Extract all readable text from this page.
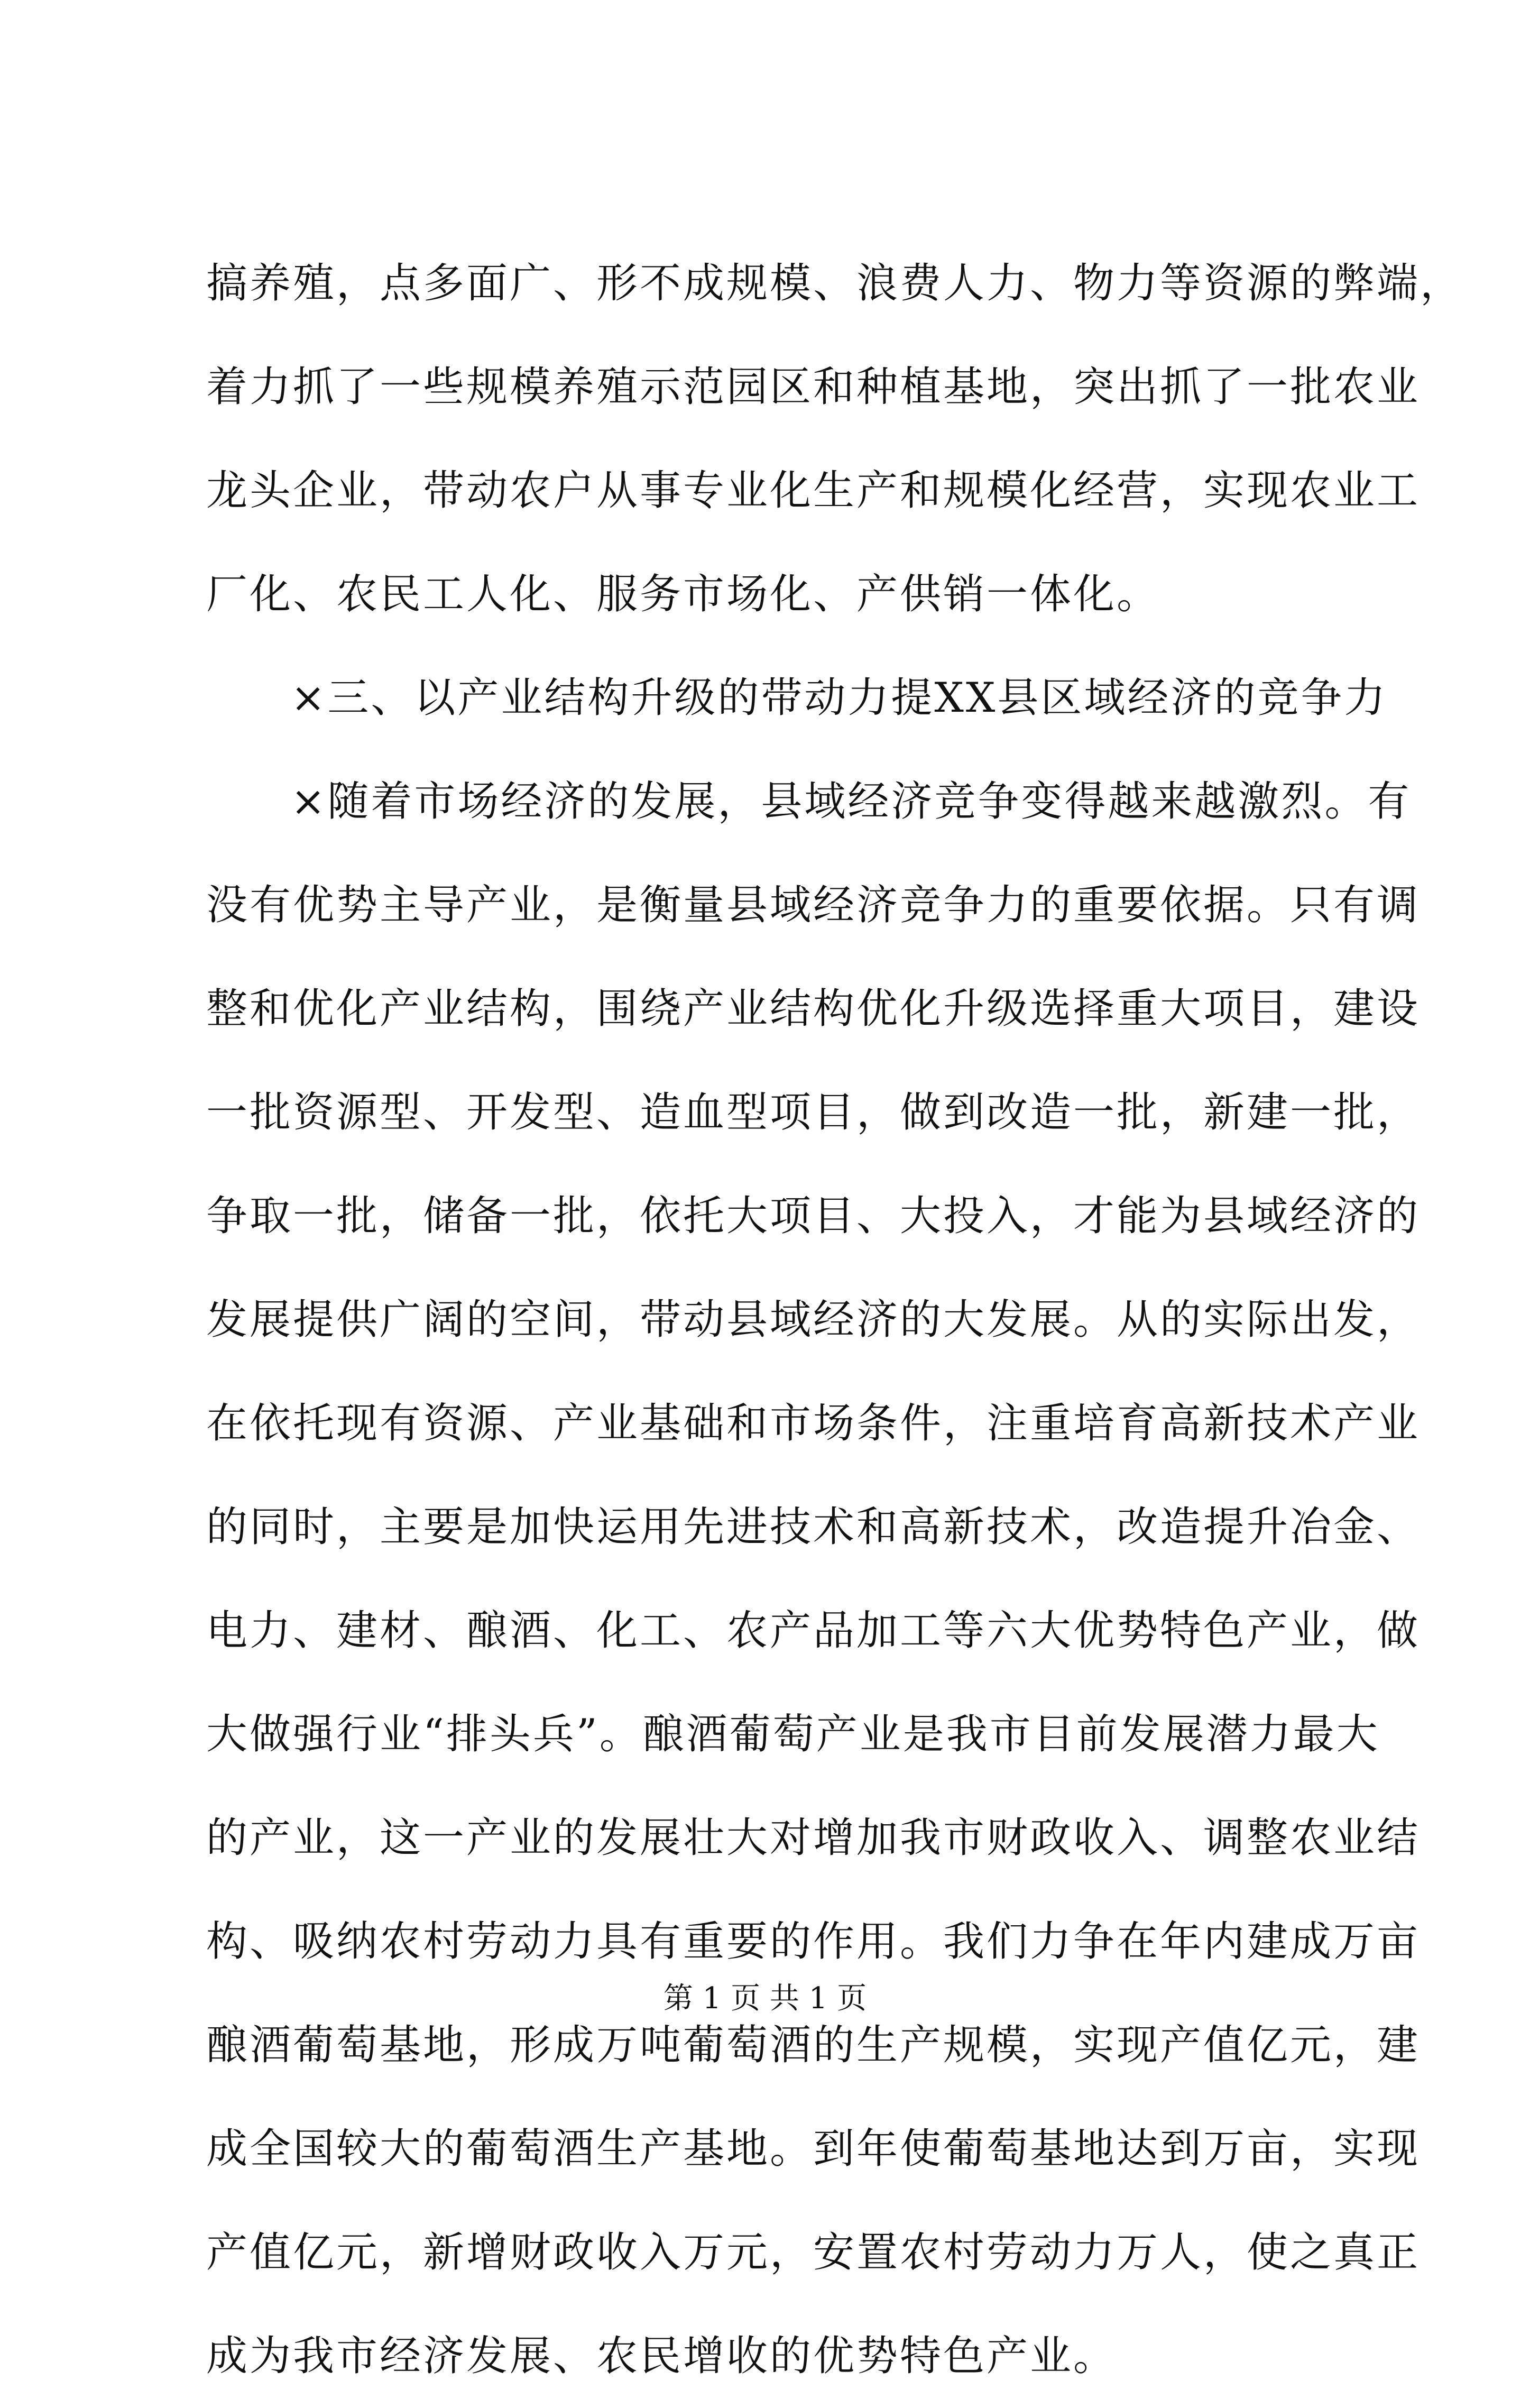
搞养殖，点多面广、形不成规模、浪费人力、物力等资源的弊端，
着力抓了一些规模养殖示范园区和种植基地，突出抓了一批农业
龙头企业，带动农户从事专业化生产和规模化经营，实现农业工
厂化、农民工人化、服务市场化、产供销一体化。
×三、以产业结构升级的带动力提XX县区域经济的竞争力
×随着市场经济的发展，县域经济竞争变得越来越激烈。有
没有优势主导产业，是衡量县域经济竞争力的重要依据。只有调
整和优化产业结构，围绕产业结构优化升级选择重大项目，建设
一批资源型、开发型、造血型项目，做到改造一批，新建一批，
争取一批，储备一批，依托大项目、大投入，才能为县域经济的
发展提供广阔的空间，带动县域经济的大发展。从的实际出发，
在依托现有资源、产业基础和市场条件，注重培育高新技术产业
的同时，主要是加快运用先进技术和高新技术，改造提升冶金、
电力、建材、酿酒、化工、农产品加工等六大优势特色产业，做
大做强行业“排头兵”。酿酒葡萄产业是我市目前发展潜力最大
的产业，这一产业的发展壮大对增加我市财政收入、调整农业结
构、吸纳农村劳动力具有重要的作用。我们力争在年内建成万亩
酿酒葡萄基地，形成万吨葡萄酒的生产规模，实现产值亿元，建
成全国较大的葡萄酒生产基地。到年使葡萄基地达到万亩，实现
产值亿元，新增财政收入万元，安置农村劳动力万人，使之真正
成为我市经济发展、农民增收的优势特色产业。
第 1 页 共 1 页
